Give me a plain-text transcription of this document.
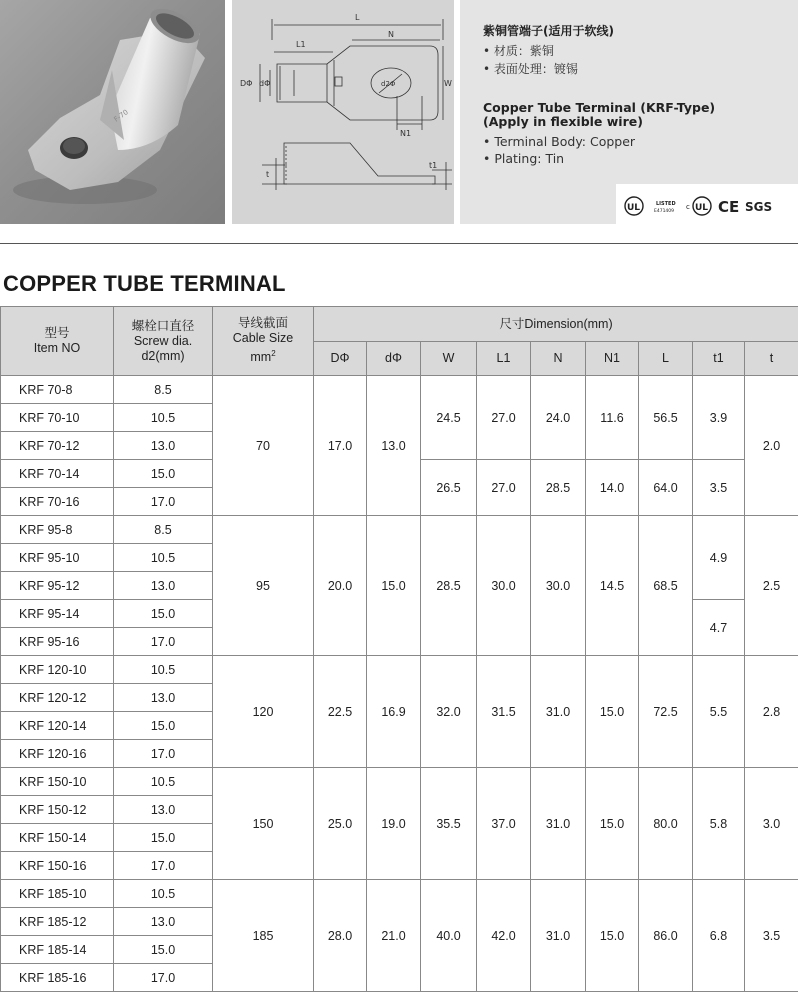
F-70
L
L1
N
DΦ dΦ	W
d2Φ
N1
t
t1
紫铜管端子(适用于软线)
• 材质：紫铜
• 表面处理：镀锡
Copper Tube Terminal (KRF-Type)
(Apply in flexible wire)
• Terminal Body: Copper
• Plating: Tin
UL	LISTED
E471409
c UL CE SGS
COPPER TUBE TERMINAL
型号
Item NO	螺栓口直径
Screw dia.
d2(mm)	导线截面
Cable Size
$mm^2$	尺寸Dimension(mm)								
			DΦ	dΦ	W	L1	N	N1	L	t1	t
KRF 70-8	8.5	70	17.0	13.0	24.5	27.0	24.0	11.6	56.5	3.9	2.0
KRF 70-10	10.5										
KRF 70-12	13.0										
KRF 70-14	15.0				26.5	27.0	28.5	14.0	64.0	3.5	
KRF 70-16	17.0										
KRF 95-8	8.5	95	20.0	15.0	28.5	30.0	30.0	14.5	68.5	4.9	2.5
KRF 95-10	10.5										
KRF 95-12	13.0										
KRF 95-14	15.0									4.7	
KRF 95-16	17.0										
KRF 120-10	10.5	120	22.5	16.9	32.0	31.5	31.0	15.0	72.5	5.5	2.8
KRF 120-12	13.0										
KRF 120-14	15.0										
KRF 120-16	17.0										
KRF 150-10	10.5	150	25.0	19.0	35.5	37.0	31.0	15.0	80.0	5.8	3.0
KRF 150-12	13.0										
KRF 150-14	15.0										
KRF 150-16	17.0										
KRF 185-10	10.5	185	28.0	21.0	40.0	42.0	31.0	15.0	86.0	6.8	3.5
KRF 185-12	13.0										
KRF 185-14	15.0										
KRF 185-16	17.0										
